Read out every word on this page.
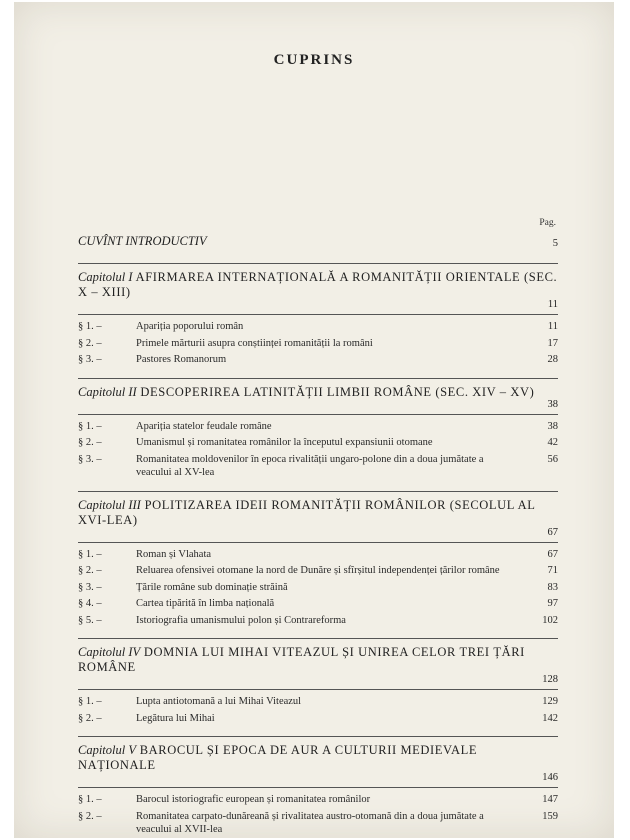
CUPRINS
Pag.
CUVÎNT INTRODUCTIV	5
Capitolul I AFIRMAREA INTERNAȚIONALĂ A ROMANITĂȚII ORIENTALE (SEC. X – XIII)
11
§ 1. –	Apariția poporului român	11
§ 2. –	Primele mărturii asupra conștiinței romanității la români	17
§ 3. –	Pastores Romanorum	28
Capitolul II DESCOPERIREA LATINITĂȚII LIMBII ROMÂNE (SEC. XIV – XV)
38
§ 1. –	Apariția statelor feudale române	38
§ 2. –	Umanismul și romanitatea românilor la începutul expansiunii otomane	42
§ 3. –	Romanitatea moldovenilor în epoca rivalității ungaro-polone din a doua jumătate a veacului al XV-lea
56
Capitolul III POLITIZAREA IDEII ROMANITĂȚII ROMÂNILOR (SECOLUL AL XVI-LEA)
67
§ 1. –	Roman și Vlahata	67
§ 2. –	Reluarea ofensivei otomane la nord de Dunăre și sfîrșitul independenței țărilor române	71
§ 3. –	Țările române sub dominație străină	83
§ 4. –	Cartea tipărită în limba națională	97
§ 5. –	Istoriografia umanismului polon și Contrareforma	102
Capitolul IV DOMNIA LUI MIHAI VITEAZUL ȘI UNIREA CELOR TREI ȚĂRI ROMÂNE
128
§ 1. –	Lupta antiotomană a lui Mihai Viteazul	129
§ 2. –	Legătura lui Mihai	142
Capitolul V BAROCUL ȘI EPOCA DE AUR A CULTURII MEDIEVALE NAȚIONALE
146
§ 1. –	Barocul istoriografic european și romanitatea românilor	147
§ 2. –	Romanitatea carpato-dunăreană și rivalitatea austro-otomană din a doua jumătate a veacului al XVII-lea
159
